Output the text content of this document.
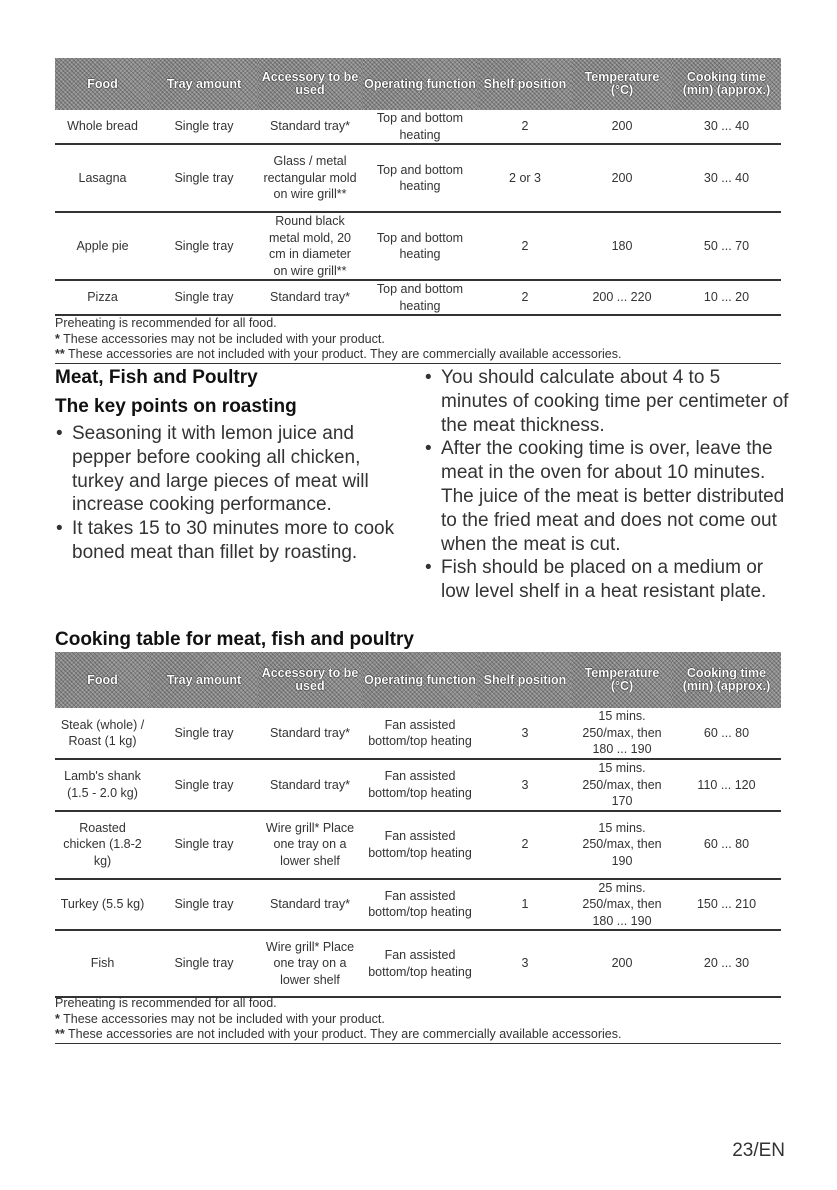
Food	Tray amount	Accessory to be used	Operating function	Shelf position	Temperature (°C)	Cooking time (min) (approx.)
Whole bread	Single tray	Standard tray*	Top and bottom heating	2	200	30 ... 40
Lasagna	Single tray	Glass / metal rectangular mold on wire grill**	Top and bottom heating	2 or 3	200	30 ... 40
Apple pie	Single tray	Round black metal mold, 20 cm in diameter on wire grill**	Top and bottom heating	2	180	50 ... 70
Pizza	Single tray	Standard tray*	Top and bottom heating	2	200 ... 220	10 ... 20
Preheating is recommended for all food.
* These accessories may not be included with your product.
** These accessories are not included with your product. They are commercially available accessories.
Meat, Fish and Poultry
The key points on roasting
• Seasoning it with lemon juice and pepper before cooking all chicken, turkey and large pieces of meat will increase cooking performance.
• It takes 15 to 30 minutes more to cook boned meat than fillet by roasting.
• You should calculate about 4 to 5 minutes of cooking time per centimeter of the meat thickness.
• After the cooking time is over, leave the meat in the oven for about 10 minutes. The juice of the meat is better distributed to the fried meat and does not come out when the meat is cut.
• Fish should be placed on a medium or low level shelf in a heat resistant plate.
Cooking table for meat, fish and poultry
Food	Tray amount	Accessory to be used	Operating function	Shelf position	Temperature (°C)	Cooking time (min) (approx.)
Steak (whole) / Roast (1 kg)	Single tray	Standard tray*	Fan assisted bottom/top heating	3	15 mins. 250/max, then 180 ... 190	60 ... 80
Lamb's shank (1.5 - 2.0 kg)	Single tray	Standard tray*	Fan assisted bottom/top heating	3	15 mins. 250/max, then 170	110 ... 120
Roasted chicken (1.8-2 kg)	Single tray	Wire grill* Place one tray on a lower shelf	Fan assisted bottom/top heating	2	15 mins. 250/max, then 190	60 ... 80
Turkey (5.5 kg)	Single tray	Standard tray*	Fan assisted bottom/top heating	1	25 mins. 250/max, then 180 ... 190	150 ... 210
Fish	Single tray	Wire grill* Place one tray on a lower shelf	Fan assisted bottom/top heating	3	200	20 ... 30
Preheating is recommended for all food.
* These accessories may not be included with your product.
** These accessories are not included with your product. They are commercially available accessories.
23/EN
